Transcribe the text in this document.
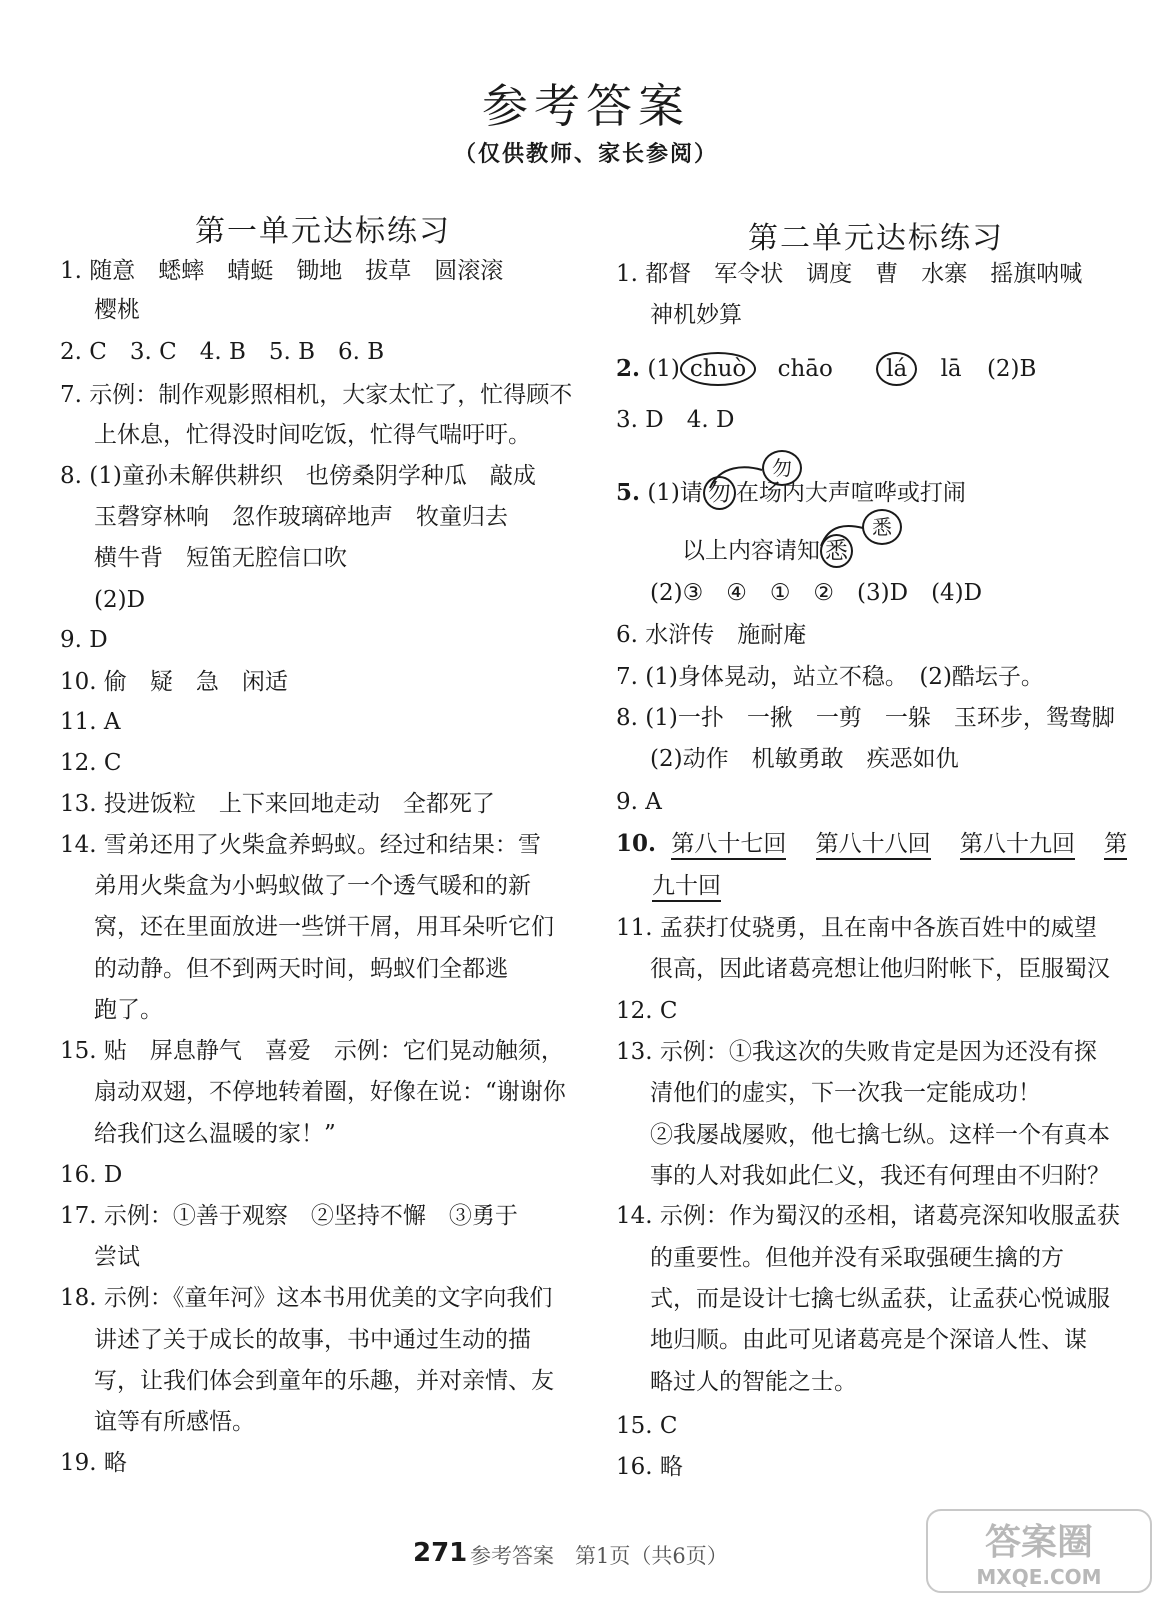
参考答案
（仅供教师、家长参阅）
第一单元达标练习
1. 随意　蟋蟀　蜻蜓　锄地　拔草　圆滚滚
樱桃
2. C　3. C　4. B　5. B　6. B
7. 示例：制作观影照相机，大家太忙了，忙得顾不
上休息，忙得没时间吃饭，忙得气喘吁吁。
8. (1)童孙未解供耕织　也傍桑阴学种瓜　敲成
玉磬穿林响　忽作玻璃碎地声　牧童归去
横牛背　短笛无腔信口吹
(2)D
9. D
10. 偷　疑　急　闲适
11. A
12. C
13. 投进饭粒　上下来回地走动　全都死了
14. 雪弟还用了火柴盒养蚂蚁。经过和结果：雪
弟用火柴盒为小蚂蚁做了一个透气暖和的新
窝，还在里面放进一些饼干屑，用耳朵听它们
的动静。但不到两天时间，蚂蚁们全都逃
跑了。
15. 贴　屏息静气　喜爱　示例：它们晃动触须，
扇动双翅，不停地转着圈，好像在说：“谢谢你
给我们这么温暖的家！”
16. D
17. 示例：①善于观察　②坚持不懈　③勇于
尝试
18. 示例：《童年河》这本书用优美的文字向我们
讲述了关于成长的故事，书中通过生动的描
写，让我们体会到童年的乐趣，并对亲情、友
谊等有所感悟。
19. 略
第二单元达标练习
1. 都督　军令状　调度　曹　水寨　摇旗呐喊
神机妙算
2. (1) chuò chāo lá lā (2)B
3. D　4. D
勿
5. (1)请 勿 在场内大声喧哗或打闹
悉
以上内容请知 悉
(2)③　④　①　②　(3)D　(4)D
6. 水浒传　施耐庵
7. (1)身体晃动，站立不稳。　(2)酷坛子。
8. (1)一扑　一揪　一剪　一躲　玉环步，鸳鸯脚
(2)动作　机敏勇敢　疾恶如仇
9. A
10. 第八十七回 第八十八回 第八十九回 第
九十回
11. 孟获打仗骁勇，且在南中各族百姓中的威望
很高，因此诸葛亮想让他归附帐下，臣服蜀汉
12. C
13. 示例：①我这次的失败肯定是因为还没有探
清他们的虚实，下一次我一定能成功！
②我屡战屡败，他七擒七纵。这样一个有真本
事的人对我如此仁义，我还有何理由不归附？
14. 示例：作为蜀汉的丞相，诸葛亮深知收服孟获
的重要性。但他并没有采取强硬生擒的方
式，而是设计七擒七纵孟获，让孟获心悦诚服
地归顺。由此可见诸葛亮是个深谙人性、谋
略过人的智能之士。
15. C
16. 略
271 参考答案　第1页（共6页）	答案圈
MXQE.COM
